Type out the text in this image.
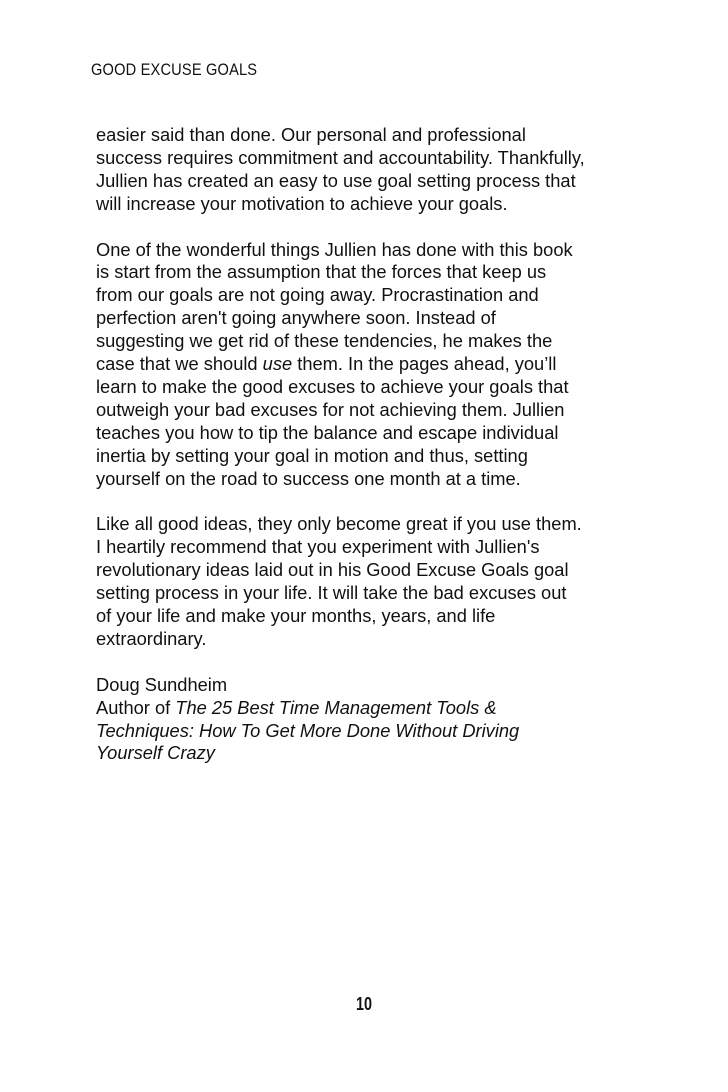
GOOD EXCUSE GOALS

easier said than done. Our personal and professional
success requires commitment and accountability. Thankfully,
Jullien has created an easy to use goal setting process that
will increase your motivation to achieve your goals.

One of the wonderful things Jullien has done with this book
is start from the assumption that the forces that keep us
from our goals are not going away. Procrastination and
perfection aren't going anywhere soon. Instead of
suggesting we get rid of these tendencies, he makes the
case that we should use them. In the pages ahead, you’ll
learn to make the good excuses to achieve your goals that
outweigh your bad excuses for not achieving them. Jullien
teaches you how to tip the balance and escape individual
inertia by setting your goal in motion and thus, setting
yourself on the road to success one month at a time.

Like all good ideas, they only become great if you use them.
I heartily recommend that you experiment with Jullien's
revolutionary ideas laid out in his Good Excuse Goals goal
setting process in your life. It will take the bad excuses out
of your life and make your months, years, and life
extraordinary.

Doug Sundheim
Author of The 25 Best Time Management Tools &
Techniques: How To Get More Done Without Driving
Yourself Crazy

10
